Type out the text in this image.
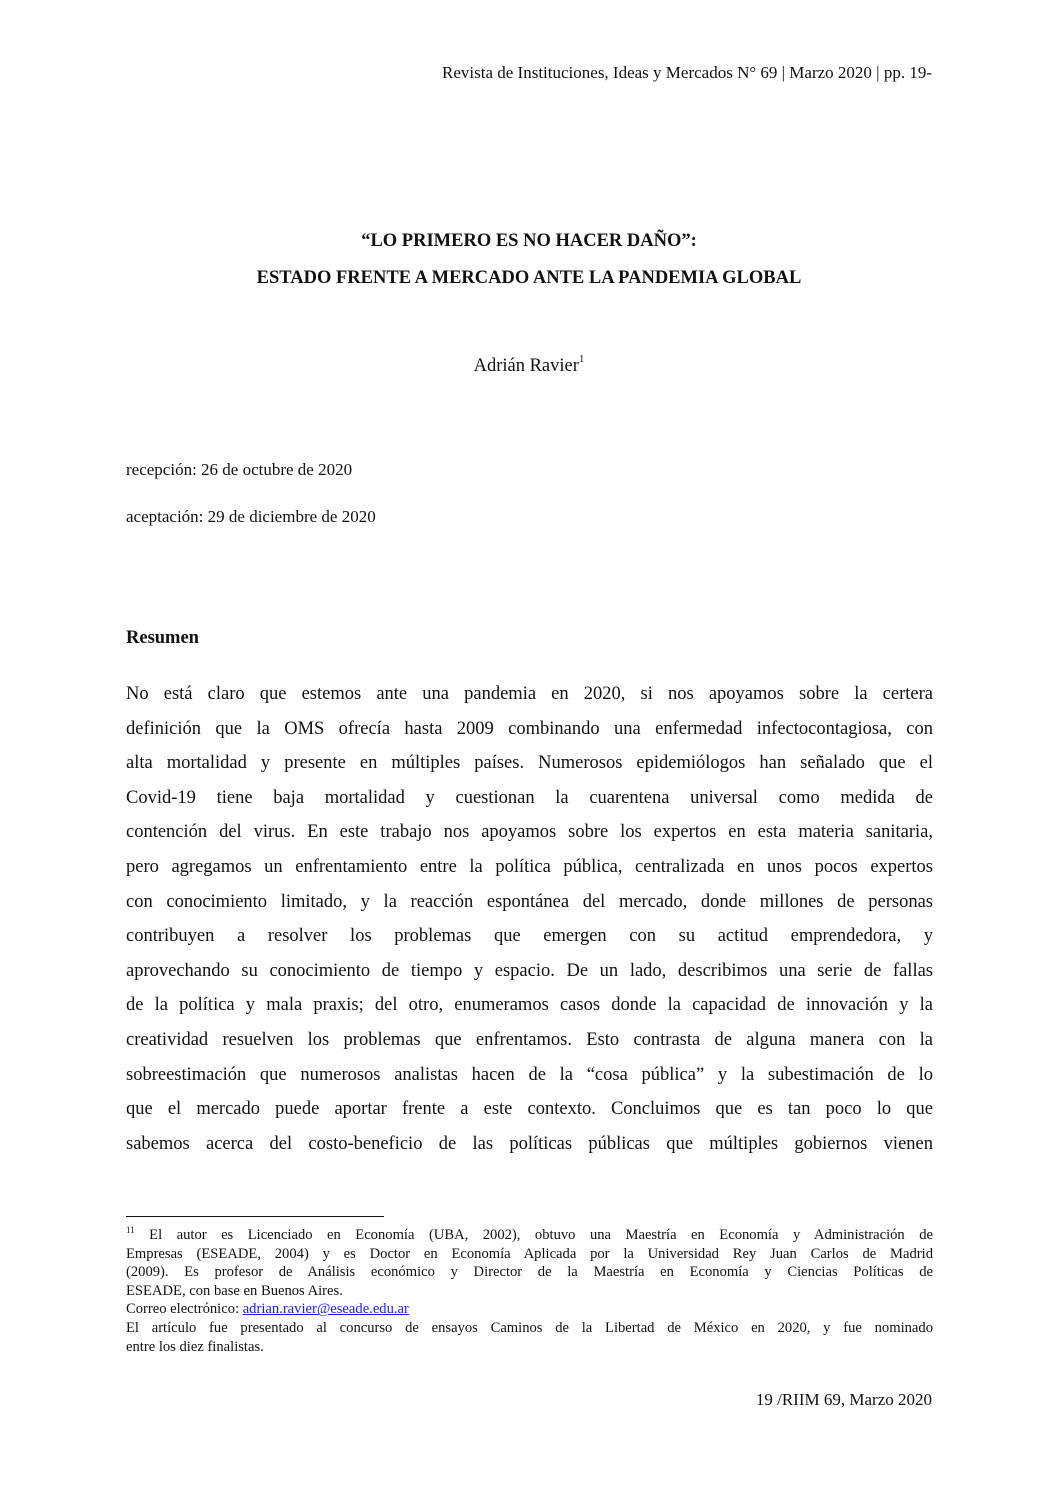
Revista de Instituciones, Ideas y Mercados N° 69 | Marzo 2020 | pp. 19-
“LO PRIMERO ES NO HACER DAÑO”:
ESTADO FRENTE A MERCADO ANTE LA PANDEMIA GLOBAL
Adrián Ravier$^1$
recepción: 26 de octubre de 2020
aceptación: 29 de diciembre de 2020
Resumen
No está claro que estemos ante una pandemia en 2020, si nos apoyamos sobre la certera
definición que la OMS ofrecía hasta 2009 combinando una enfermedad infectocontagiosa, con
alta mortalidad y presente en múltiples países. Numerosos epidemiólogos han señalado que el
Covid-19 tiene baja mortalidad y cuestionan la cuarentena universal como medida de
contención del virus. En este trabajo nos apoyamos sobre los expertos en esta materia sanitaria,
pero agregamos un enfrentamiento entre la política pública, centralizada en unos pocos expertos
con conocimiento limitado, y la reacción espontánea del mercado, donde millones de personas
contribuyen a resolver los problemas que emergen con su actitud emprendedora, y
aprovechando su conocimiento de tiempo y espacio. De un lado, describimos una serie de fallas
de la política y mala praxis; del otro, enumeramos casos donde la capacidad de innovación y la
creatividad resuelven los problemas que enfrentamos. Esto contrasta de alguna manera con la
sobreestimación que numerosos analistas hacen de la “cosa pública” y la subestimación de lo
que el mercado puede aportar frente a este contexto. Concluimos que es tan poco lo que
sabemos acerca del costo-beneficio de las políticas públicas que múltiples gobiernos vienen
$^{11}$ El autor es Licenciado en Economía (UBA, 2002), obtuvo una Maestría en Economía y Administración de
Empresas (ESEADE, 2004) y es Doctor en Economía Aplicada por la Universidad Rey Juan Carlos de Madrid
(2009). Es profesor de Análisis económico y Director de la Maestría en Economía y Ciencias Políticas de
ESEADE, con base en Buenos Aires.
Correo electrónico: adrian.ravier@eseade.edu.ar
El artículo fue presentado al concurso de ensayos Caminos de la Libertad de México en 2020, y fue nominado
entre los diez finalistas.
19 /RIIM 69, Marzo 2020
